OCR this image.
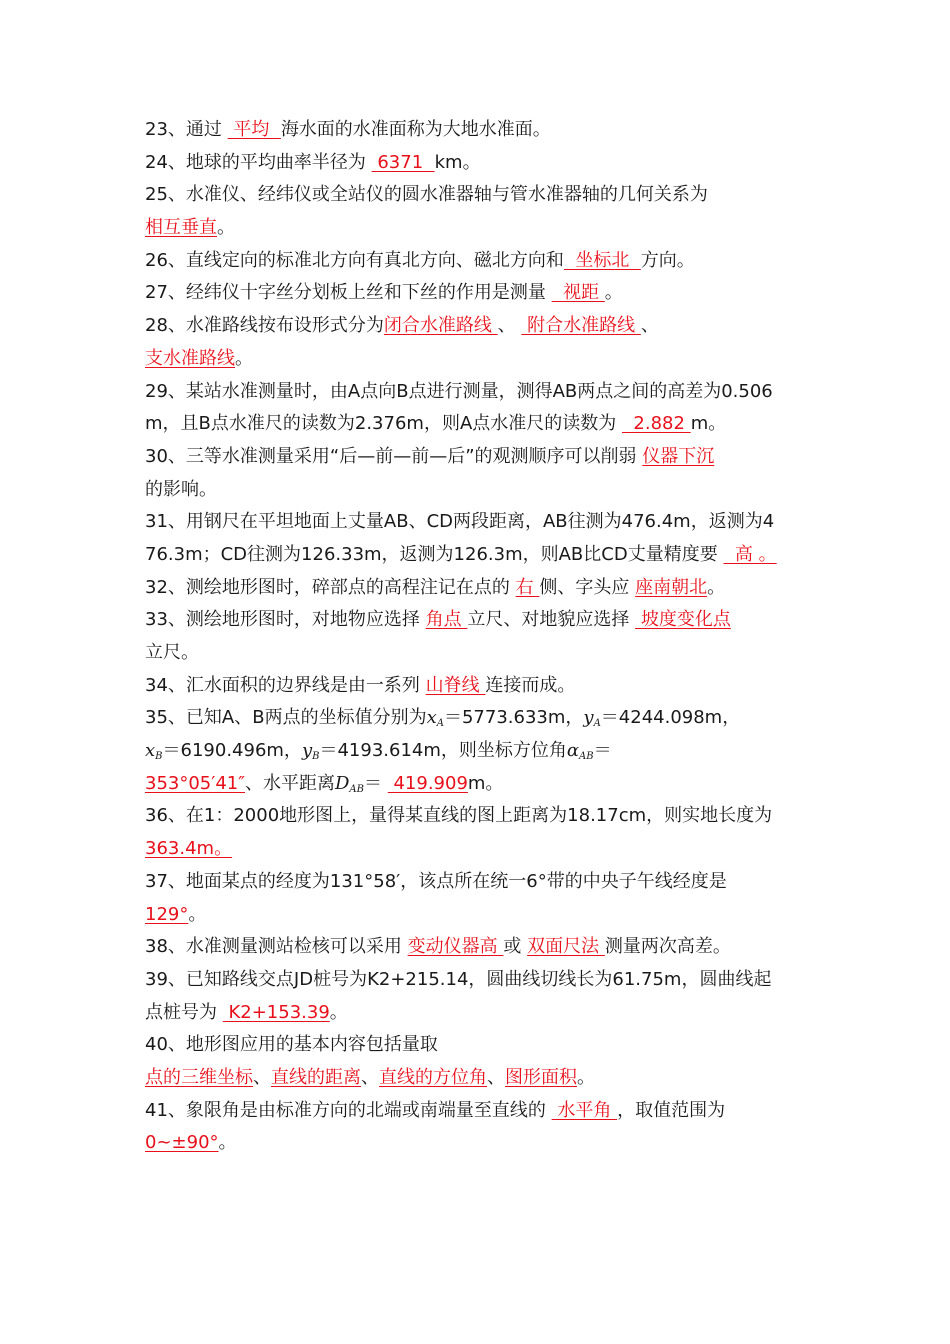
23、通过  平均  海水面的水准面称为大地水准面。
24、地球的平均曲率半径为  6371  km。
25、水准仪、经纬仪或全站仪的圆水准器轴与管水准器轴的几何关系为
相互垂直。
26、直线定向的标准北方向有真北方向、磁北方向和  坐标北  方向。
27、经纬仪十字丝分划板上丝和下丝的作用是测量   视距 。
28、水准路线按布设形式分为闭合水准路线 、  附合水准路线 、
支水准路线。
29、某站水准测量时，由A点向B点进行测量，测得AB两点之间的高差为0.506
m，且B点水准尺的读数为2.376m，则A点水准尺的读数为   2.882 m。
30、三等水准测量采用“后—前—前—后”的观测顺序可以削弱 仪器下沉
的影响。
31、用钢尺在平坦地面上丈量AB、CD两段距离，AB往测为476.4m，返测为4
76.3m；CD往测为126.33m，返测为126.3m，则AB比CD丈量精度要   高 。
32、测绘地形图时，碎部点的高程注记在点的 右 侧、字头应 座南朝北。
33、测绘地形图时，对地物应选择 角点 立尺、对地貌应选择  坡度变化点
立尺。
34、汇水面积的边界线是由一系列 山脊线 连接而成。
35、已知A、B两点的坐标值分别为$x_A=5773.633m$，$y_A=4244.098m$，
$x_B=6190.496m$，$y_B=4193.614m$，则坐标方位角$\alpha_{AB}=$
353°05′41″、水平距离$D_{AB}= 419.909m$。
36、在1：2000地形图上，量得某直线的图上距离为18.17cm，则实地长度为
363.4m。
37、地面某点的经度为131°58′，该点所在统一6°带的中央子午线经度是
129°。
38、水准测量测站检核可以采用 变动仪器高 或 双面尺法 测量两次高差。
39、已知路线交点JD桩号为K2+215.14，圆曲线切线长为61.75m，圆曲线起
点桩号为  K2+153.39。
40、地形图应用的基本内容包括量取
点的三维坐标、直线的距离、直线的方位角、图形面积。
41、象限角是由标准方向的北端或南端量至直线的  水平角 ，取值范围为
0~±90°。
